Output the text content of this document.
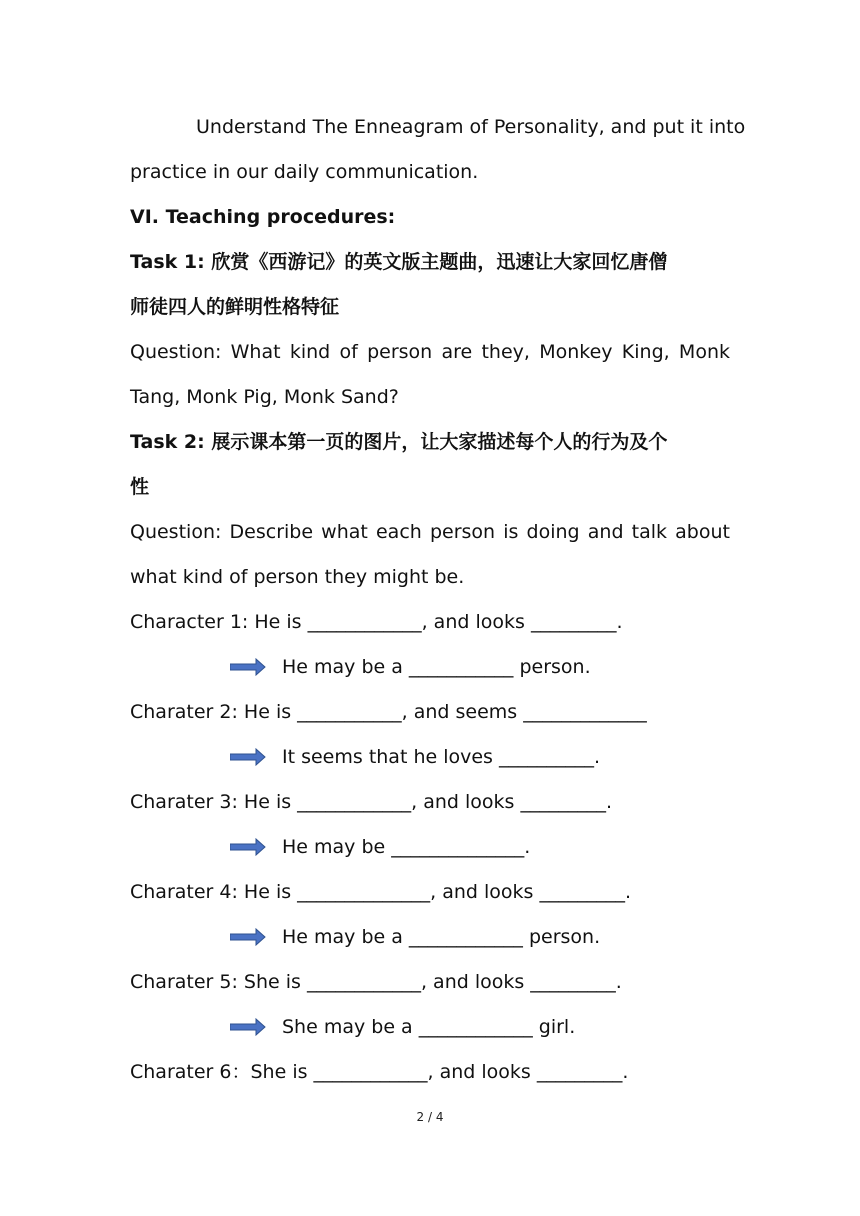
Understand The Enneagram of Personality, and put it into
practice in our daily communication.
VI. Teaching procedures:
Task 1: 欣赏《西游记》的英文版主题曲，迅速让大家回忆唐僧
师徒四人的鲜明性格特征
Question: What kind of person are they, Monkey King, Monk
Tang, Monk Pig, Monk Sand?
Task 2: 展示课本第一页的图片，让大家描述每个人的行为及个
性
Question: Describe what each person is doing and talk about
what kind of person they might be.
Character 1: He is ____________, and looks _________.
He may be a ___________ person.
Charater 2: He is ___________, and seems _____________
It seems that he loves __________.
Charater 3: He is ____________, and looks _________.
He may be ______________.
Charater 4: He is ______________, and looks _________.
He may be a ____________ person.
Charater 5: She is ____________, and looks _________.
She may be a ____________ girl.
Charater 6：She is ____________, and looks _________.
2 / 4
